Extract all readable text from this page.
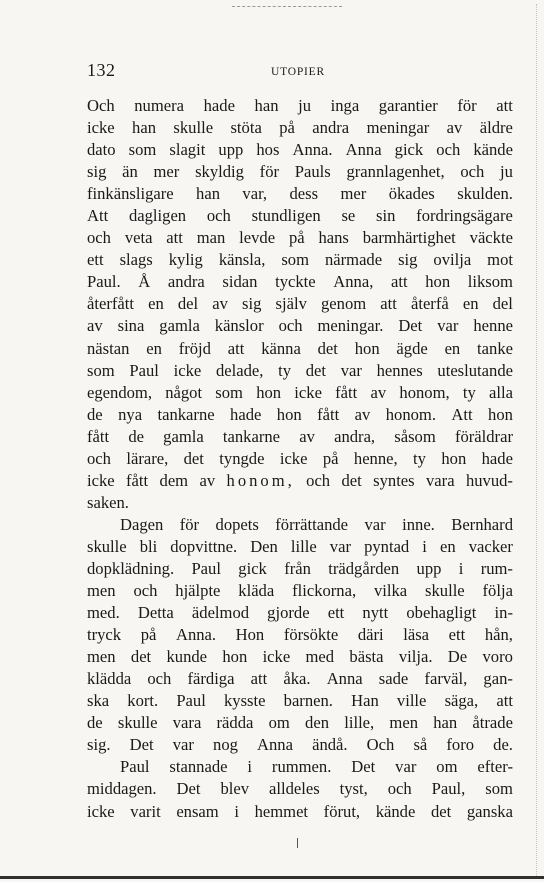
132	UTOPIER
Och numera hade han ju inga garantier för att
icke han skulle stöta på andra meningar av äldre
dato som slagit upp hos Anna. Anna gick och kände
sig än mer skyldig för Pauls grannlagenhet, och ju
finkänsligare han var, dess mer ökades skulden.
Att dagligen och stundligen se sin fordringsägare
och veta att man levde på hans barmhärtighet väckte
ett slags kylig känsla, som närmade sig ovilja mot
Paul. Å andra sidan tyckte Anna, att hon liksom
återfått en del av sig själv genom att återfå en del
av sina gamla känslor och meningar. Det var henne
nästan en fröjd att känna det hon ägde en tanke
som Paul icke delade, ty det var hennes uteslutande
egendom, något som hon icke fått av honom, ty alla
de nya tankarne hade hon fått av honom. Att hon
fått de gamla tankarne av andra, såsom föräldrar
och lärare, det tyngde icke på henne, ty hon hade
icke fått dem av honom, och det syntes vara huvud-
saken.
Dagen för dopets förrättande var inne. Bernhard
skulle bli dopvittne. Den lille var pyntad i en vacker
dopklädning. Paul gick från trädgården upp i rum-
men och hjälpte kläda flickorna, vilka skulle följa
med. Detta ädelmod gjorde ett nytt obehagligt in-
tryck på Anna. Hon försökte däri läsa ett hån,
men det kunde hon icke med bästa vilja. De voro
klädda och färdiga att åka. Anna sade farväl, gan-
ska kort. Paul kysste barnen. Han ville säga, att
de skulle vara rädda om den lille, men han åtrade
sig. Det var nog Anna ändå. Och så foro de.
Paul stannade i rummen. Det var om efter-
middagen. Det blev alldeles tyst, och Paul, som
icke varit ensam i hemmet förut, kände det ganska
